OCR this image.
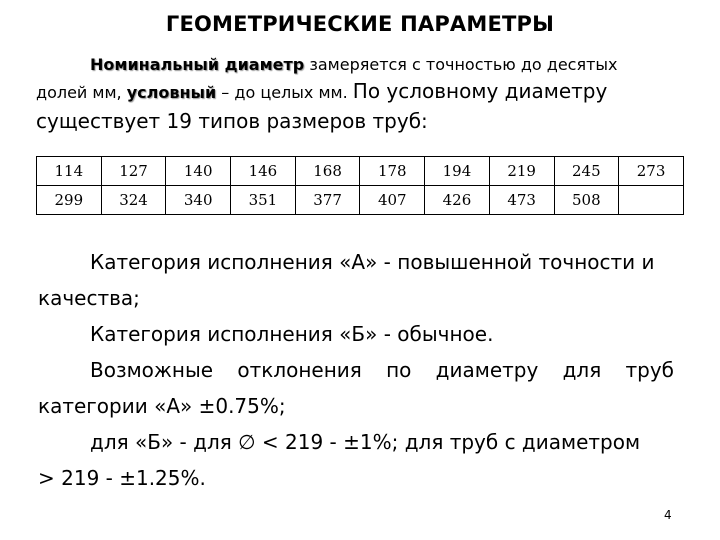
ГЕОМЕТРИЧЕСКИЕ ПАРАМЕТРЫ
Номинальный диаметр замеряется с точностью до десятых
долей мм, условный – до целых мм. По условному диаметру
существует 19 типов размеров труб:
114	127	140	146	168	178	194	219	245	273
299	324	340	351	377	407	426	473	508	

Категория исполнения «А» - повышенной точности и

качества;

Категория исполнения «Б» - обычное.

Возможные отклонения по диаметру для труб

категории «А» ±0.75%;

для «Б» - для ∅ < 219 - ±1%; для труб с диаметром

> 219 - ±1.25%.

4
